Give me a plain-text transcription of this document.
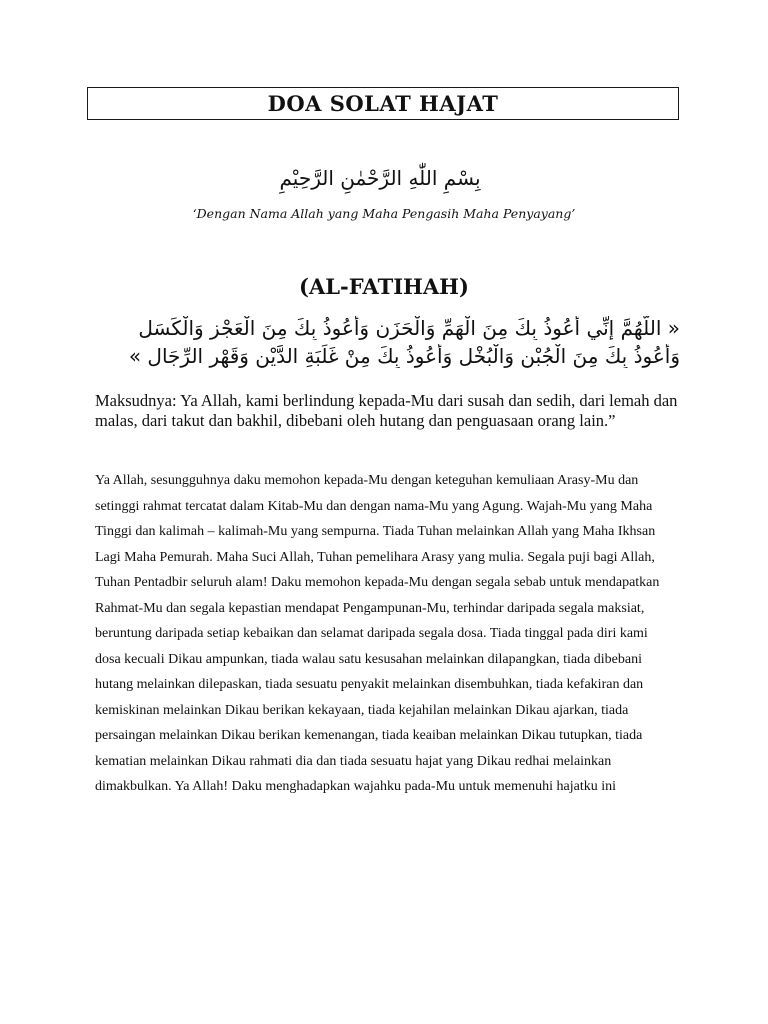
DOA SOLAT HAJAT
بِسْمِ اللّٰهِ الرَّحْمٰنِ الرَّحِيْمِ
‘Dengan Nama Allah yang Maha Pengasih Maha Penyayang’
(AL-FATIHAH)
« اللَّهُمَّ إِنِّي أَعُوذُ بِكَ مِنَ الْهَمِّ وَالْحَزَنِ وَأَعُوذُ بِكَ مِنَ الْعَجْزِ وَالْكَسَلِ
وَأَعُوذُ بِكَ مِنَ الْجُبْنِ وَالْبُخْلِ وَأَعُوذُ بِكَ مِنْ غَلَبَةِ الدَّيْنِ وَقَهْرِ الرِّجَالِ »
Maksudnya: Ya Allah, kami berlindung kepada-Mu dari susah dan sedih, dari lemah dan malas, dari takut dan bakhil, dibebani oleh hutang dan penguasaan orang lain.”
Ya Allah, sesungguhnya daku memohon kepada-Mu dengan keteguhan kemuliaan Arasy-Mu dan setinggi rahmat tercatat dalam Kitab-Mu dan dengan nama-Mu yang Agung. Wajah-Mu yang Maha Tinggi dan kalimah – kalimah-Mu yang sempurna. Tiada Tuhan melainkan Allah yang Maha Ikhsan Lagi Maha Pemurah. Maha Suci Allah, Tuhan pemelihara Arasy yang mulia. Segala puji bagi Allah, Tuhan Pentadbir seluruh alam! Daku memohon kepada-Mu dengan segala sebab untuk mendapatkan Rahmat-Mu dan segala kepastian mendapat Pengampunan-Mu, terhindar daripada segala maksiat, beruntung daripada setiap kebaikan dan selamat daripada segala dosa. Tiada tinggal pada diri kami dosa kecuali Dikau ampunkan, tiada walau satu kesusahan melainkan dilapangkan, tiada dibebani hutang melainkan dilepaskan, tiada sesuatu penyakit melainkan disembuhkan, tiada kefakiran dan kemiskinan melainkan Dikau berikan kekayaan, tiada kejahilan melainkan Dikau ajarkan, tiada persaingan melainkan Dikau berikan kemenangan, tiada keaiban melainkan Dikau tutupkan, tiada kematian melainkan Dikau rahmati dia dan tiada sesuatu hajat yang Dikau redhai melainkan dimakbulkan. Ya Allah! Daku menghadapkan wajahku pada-Mu untuk memenuhi hajatku ini
